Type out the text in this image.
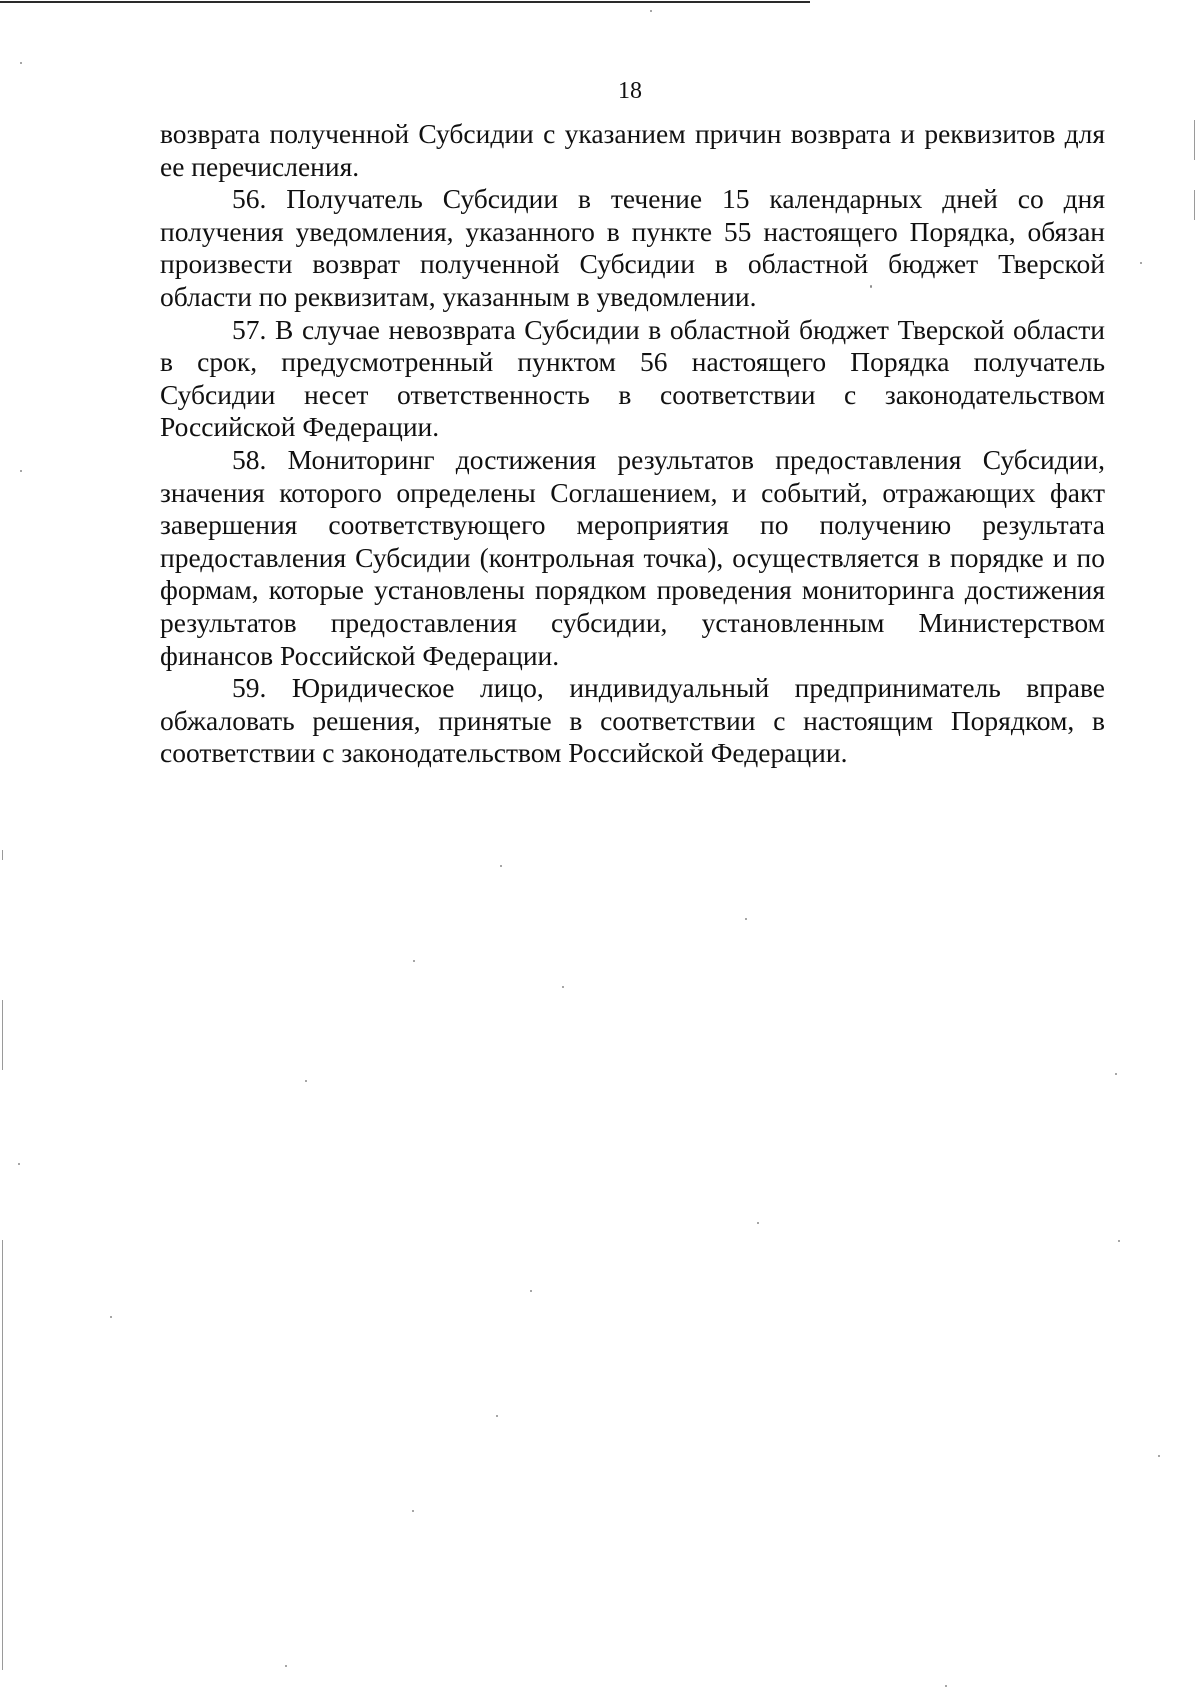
18

возврата полученной Субсидии с указанием причин возврата и реквизитов для ее перечисления.

56. Получатель Субсидии в течение 15 календарных дней со дня получения уведомления, указанного в пункте 55 настоящего Порядка, обязан произвести возврат полученной Субсидии в областной бюджет Тверской области по реквизитам, указанным в уведомлении.

57. В случае невозврата Субсидии в областной бюджет Тверской области в срок, предусмотренный пунктом 56 настоящего Порядка получатель Субсидии несет ответственность в соответствии с законодательством Российской Федерации.

58. Мониторинг достижения результатов предоставления Субсидии, значения которого определены Соглашением, и событий, отражающих факт завершения соответствующего мероприятия по получению результата предоставления Субсидии (контрольная точка), осуществляется в порядке и по формам, которые установлены порядком проведения мониторинга достижения результатов предоставления субсидии, установленным Министерством финансов Российской Федерации.

59. Юридическое лицо, индивидуальный предприниматель вправе обжаловать решения, принятые в соответствии с настоящим Порядком, в соответствии с законодательством Российской Федерации.
